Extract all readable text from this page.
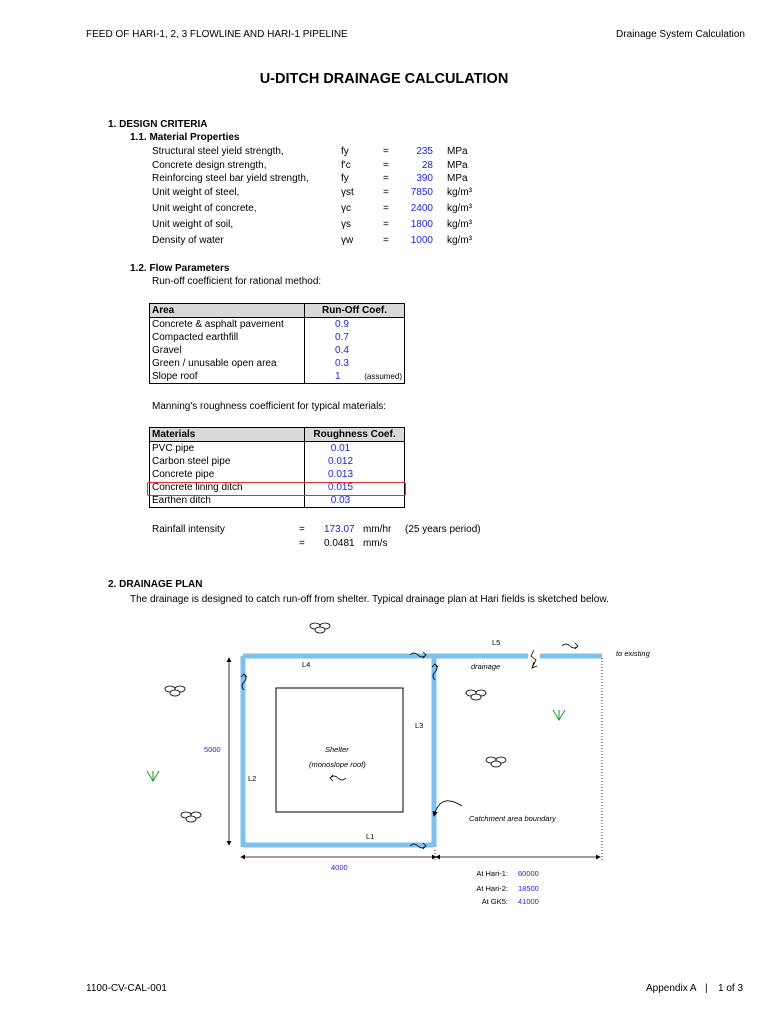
FEED OF HARI-1, 2, 3 FLOWLINE AND HARI-1 PIPELINE	Drainage System Calculation
U-DITCH DRAINAGE CALCULATION
1. DESIGN CRITERIA
1.1. Material Properties
Structural steel yield strength,	fy	=	235 MPa
Concrete design strength,	f'c	=	28 MPa
Reinforcing steel bar yield strength,	fy	=	390 MPa
Unit weight of steel,	γst	=	7850 kg/m³
Unit weight of concrete,	γc	=	2400 kg/m³
Unit weight of soil,	γs	=	1800 kg/m³
Density of water	γw	=	1000 kg/m³
1.2. Flow Parameters
Run-off coefficient for rational method:
Area	Run-Off Coef.	
Concrete & asphalt pavement	0.9	
Compacted earthfill	0.7	
Gravel	0.4	
Green / unusable open area	0.3	
Slope roof	1	(assumed)
Manning's roughness coefficient for typical materials:
Materials	Roughness Coef.
PVC pipe	0.01
Carbon steel pipe	0.012
Concrete pipe	0.013
Concrete lining ditch	0.015
Earthen ditch	0.03
Rainfall intensity	= 173.07 mm/hr (25 years period)
= 0.0481 mm/s
2. DRAINAGE PLAN
The drainage is designed to catch run-off from shelter. Typical drainage plan at Hari fields is sketched below.
L4
L5
L3
L2
L1
Shelter
(monoslope roof)
Catchment area boundary
drainage
to existing
5000
4000
At Hari-1: 60000
At Hari-2: 18500
At GK5: 41000
1100-CV-CAL-001	Appendix A | 1 of 3
